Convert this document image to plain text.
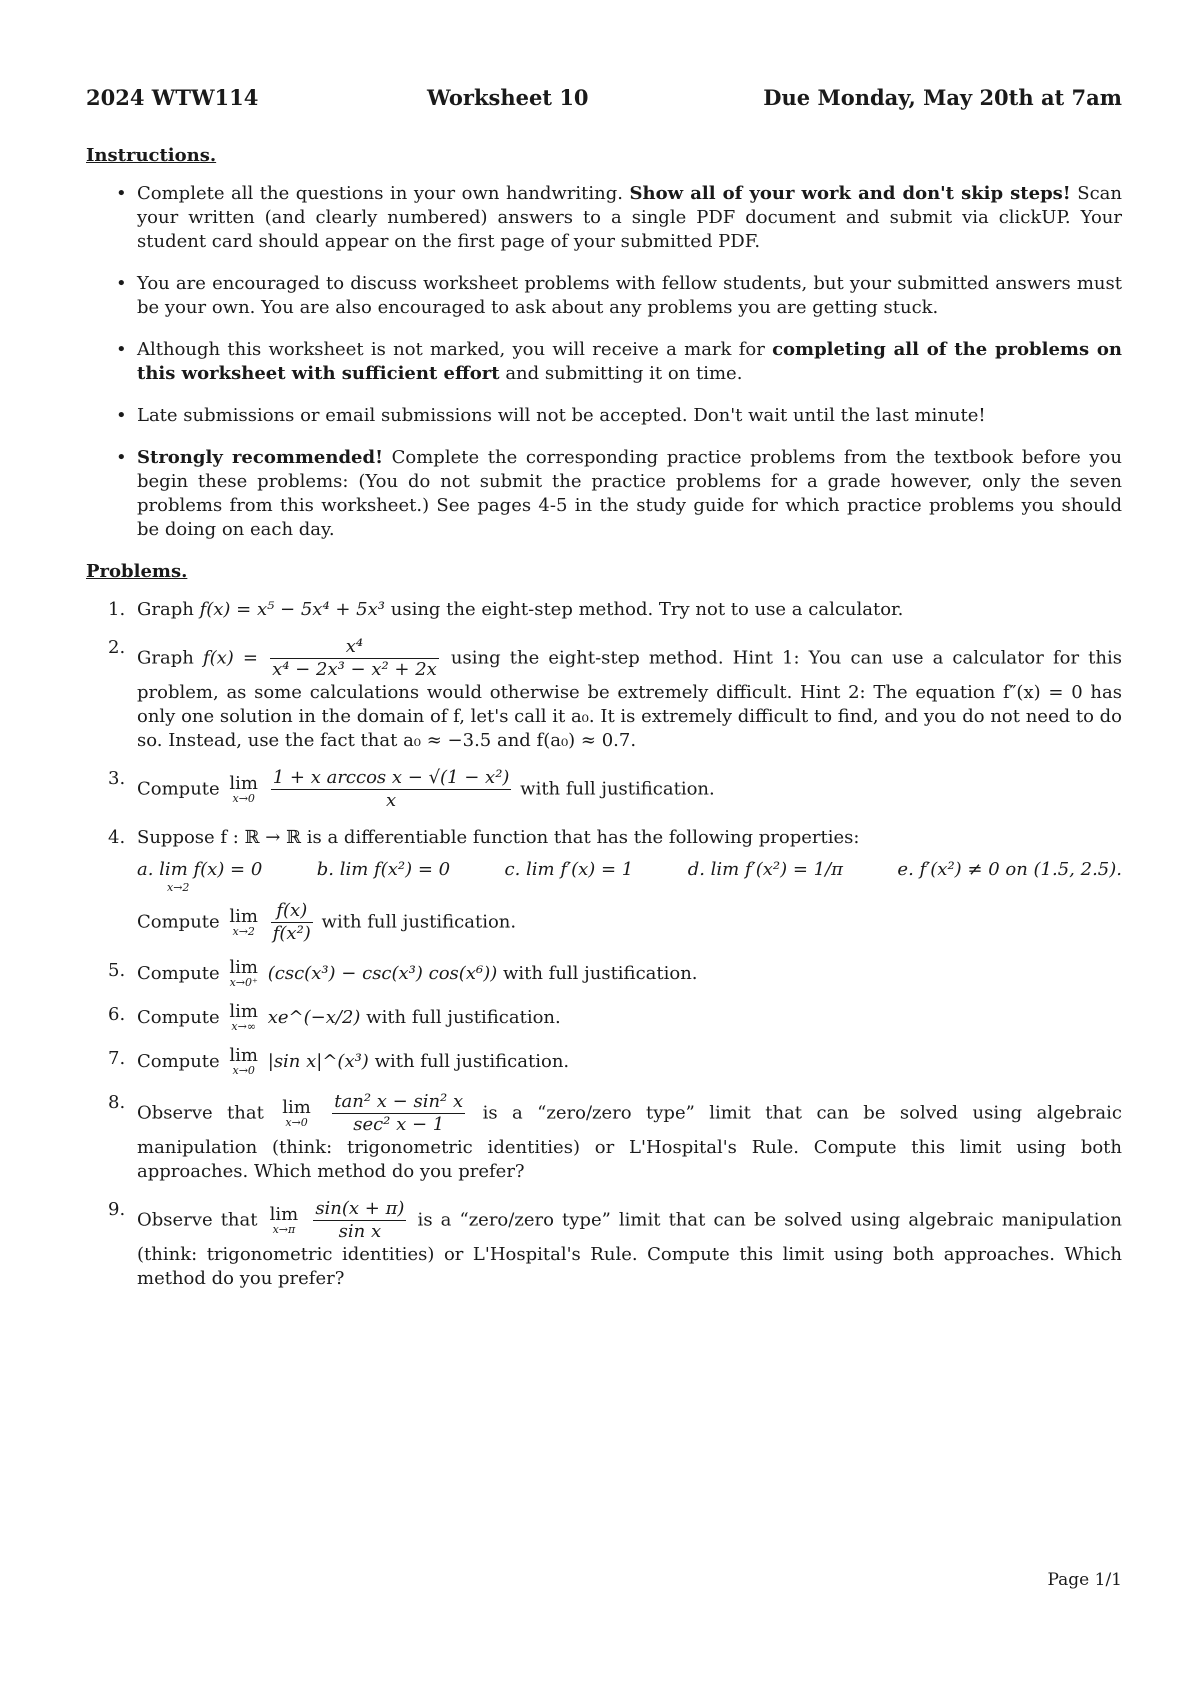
2024 WTW114	Worksheet 10	Due Monday, May 20th at 7am
Instructions.
• Complete all the questions in your own handwriting. Show all of your work and don't skip steps! Scan your written (and clearly numbered) answers to a single PDF document and submit via clickUP. Your student card should appear on the first page of your submitted PDF.
• You are encouraged to discuss worksheet problems with fellow students, but your submitted answers must be your own. You are also encouraged to ask about any problems you are getting stuck.
• Although this worksheet is not marked, you will receive a mark for completing all of the problems on this worksheet with sufficient effort and submitting it on time.
• Late submissions or email submissions will not be accepted. Don't wait until the last minute!
• Strongly recommended! Complete the corresponding practice problems from the textbook before you begin these problems: (You do not submit the practice problems for a grade however, only the seven problems from this worksheet.) See pages 4-5 in the study guide for which practice problems you should be doing on each day.
Problems.
1. Graph f(x) = x⁵ − 5x⁴ + 5x³ using the eight-step method. Try not to use a calculator.
2. Graph $f(x) = \frac{\text{x⁴}}{\text{x⁴ − 2x³ − x² + 2x}}$ using the eight-step method. Hint 1: You can use a calculator for this problem, as some calculations would otherwise be extremely difficult. Hint 2: The equation f″(x) = 0 has only one solution in the domain of f, let's call it a₀. It is extremely difficult to find, and you do not need to do so. Instead, use the fact that a₀ ≈ −3.5 and f(a₀) ≈ 0.7.
3. Compute lim
x→0
$\frac{\text{1 + x arccos x − √(1 − x²)}}{x}$ with full justification.
4. Suppose f : ℝ → ℝ is a differentiable function that has the following properties:
a. lim f(x) = 0	b. lim f(x²) = 0	c. lim f′(x) = 1	d. lim f′(x²) = 1/π	e. f′(x²) ≠ 0 on (1.5, 2.5).
x→2
Compute lim
x→2
$\frac{f(x)}{\text{f(x²)}}$ with full justification.
5. Compute lim
x→0⁺ (csc(x³) − csc(x³) cos(x⁶)) with full justification.
6. Compute lim
x→∞ xe^(−x/2) with full justification.
7. Compute lim
x→0 |sin x|^(x³) with full justification.
8. Observe that lim
x→0
$\frac{\text{tan² x − sin² x}}{\text{sec² x − 1}}$ is a “zero/zero type” limit that can be solved using algebraic manipulation (think: trigonometric identities) or L'Hospital's Rule. Compute this limit using both approaches. Which method do you prefer?
9. Observe that lim
x→π
$\frac{\sin(x + \pi)}{\text{sin x}}$ is a “zero/zero type” limit that can be solved using algebraic manipulation (think: trigonometric identities) or L'Hospital's Rule. Compute this limit using both approaches. Which method do you prefer?
Page 1/1
